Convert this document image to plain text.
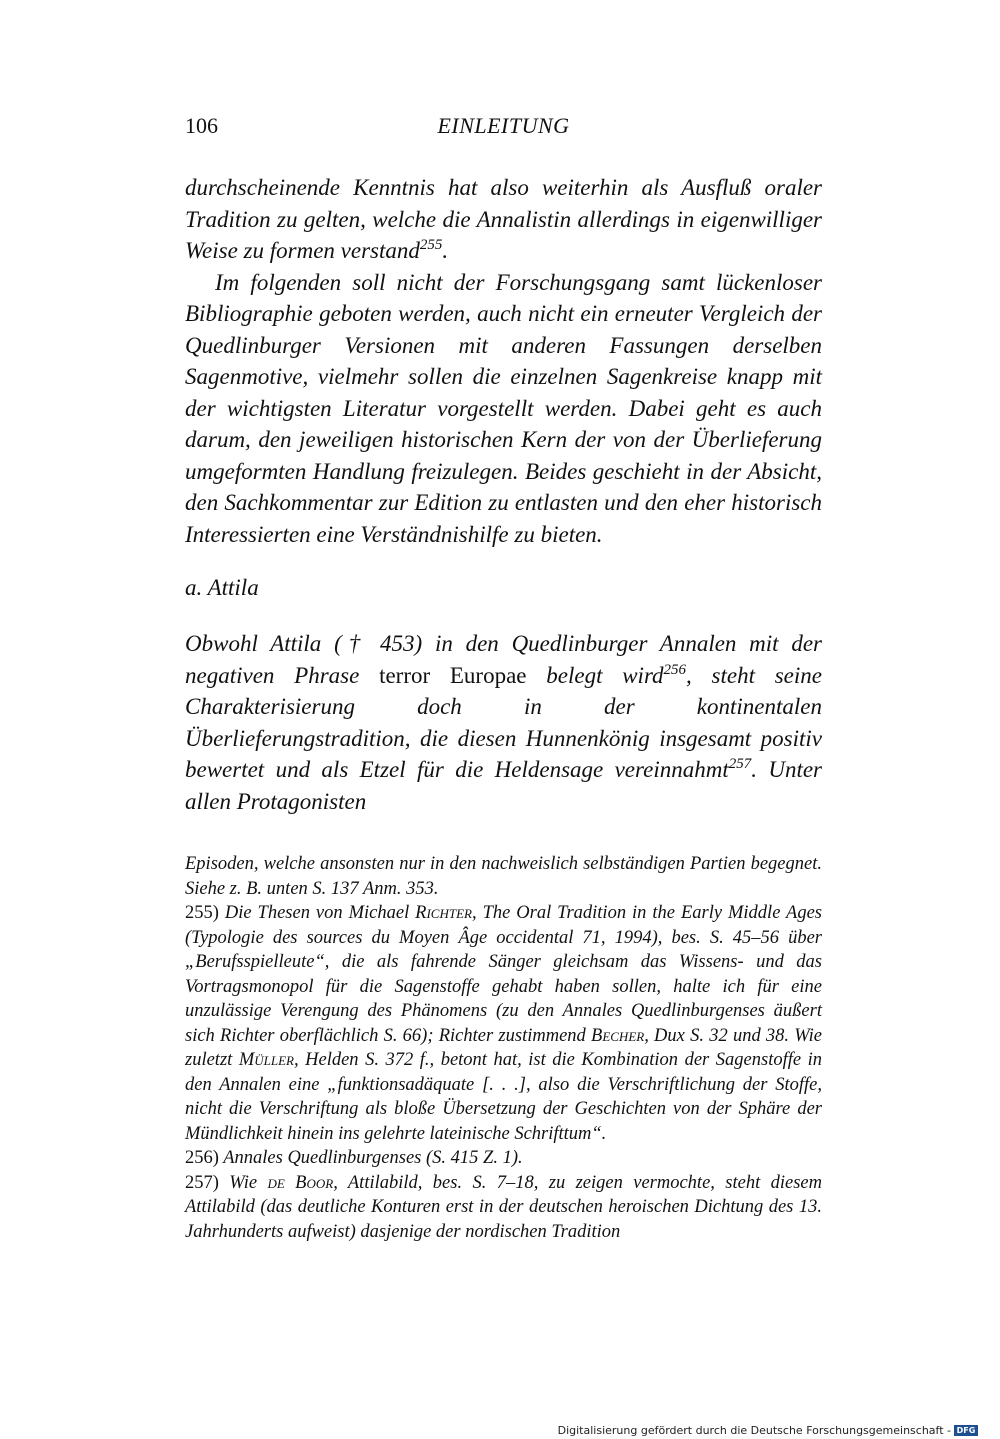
106	EINLEITUNG

durchscheinende Kenntnis hat also weiterhin als Ausfluß oraler Tradition zu gelten, welche die Annalistin allerdings in eigenwilliger Weise zu formen verstand$^{255}$.

Im folgenden soll nicht der Forschungsgang samt lückenloser Bibliographie geboten werden, auch nicht ein erneuter Vergleich der Quedlinburger Versionen mit anderen Fassungen derselben Sagenmotive, vielmehr sollen die einzelnen Sagenkreise knapp mit der wichtigsten Literatur vorgestellt werden. Dabei geht es auch darum, den jeweiligen historischen Kern der von der Überlieferung umgeformten Handlung freizulegen. Beides geschieht in der Absicht, den Sachkommentar zur Edition zu entlasten und den eher historisch Interessierten eine Verständnishilfe zu bieten.

a. Attila

Obwohl Attila († 453) in den Quedlinburger Annalen mit der negativen Phrase terror Europae belegt wird$^{256}$, steht seine Charakterisierung doch in der kontinentalen Überlieferungstradition, die diesen Hunnenkönig insgesamt positiv bewertet und als Etzel für die Heldensage vereinnahmt$^{257}$. Unter allen Protagonisten

Episoden, welche ansonsten nur in den nachweislich selbständigen Partien begegnet. Siehe z. B. unten S. 137 Anm. 353.

255) Die Thesen von Michael Richter, The Oral Tradition in the Early Middle Ages (Typologie des sources du Moyen Âge occidental 71, 1994), bes. S. 45–56 über „Berufsspielleute“, die als fahrende Sänger gleichsam das Wissens- und das Vortragsmonopol für die Sagenstoffe gehabt haben sollen, halte ich für eine unzulässige Verengung des Phänomens (zu den Annales Quedlinburgenses äußert sich Richter oberflächlich S. 66); Richter zustimmend Becher, Dux S. 32 und 38. Wie zuletzt Müller, Helden S. 372 f., betont hat, ist die Kombination der Sagenstoffe in den Annalen eine „funktionsadäquate [. . .], also die Verschriftlichung der Stoffe, nicht die Verschriftung als bloße Übersetzung der Geschichten von der Sphäre der Mündlichkeit hinein ins gelehrte lateinische Schrifttum“.

256) Annales Quedlinburgenses (S. 415 Z. 1).

257) Wie de Boor, Attilabild, bes. S. 7–18, zu zeigen vermochte, steht diesem Attilabild (das deutliche Konturen erst in der deutschen heroischen Dichtung des 13. Jahrhunderts aufweist) dasjenige der nordischen Tradition

Digitalisierung gefördert durch die Deutsche Forschungsgemeinschaft - DFG
